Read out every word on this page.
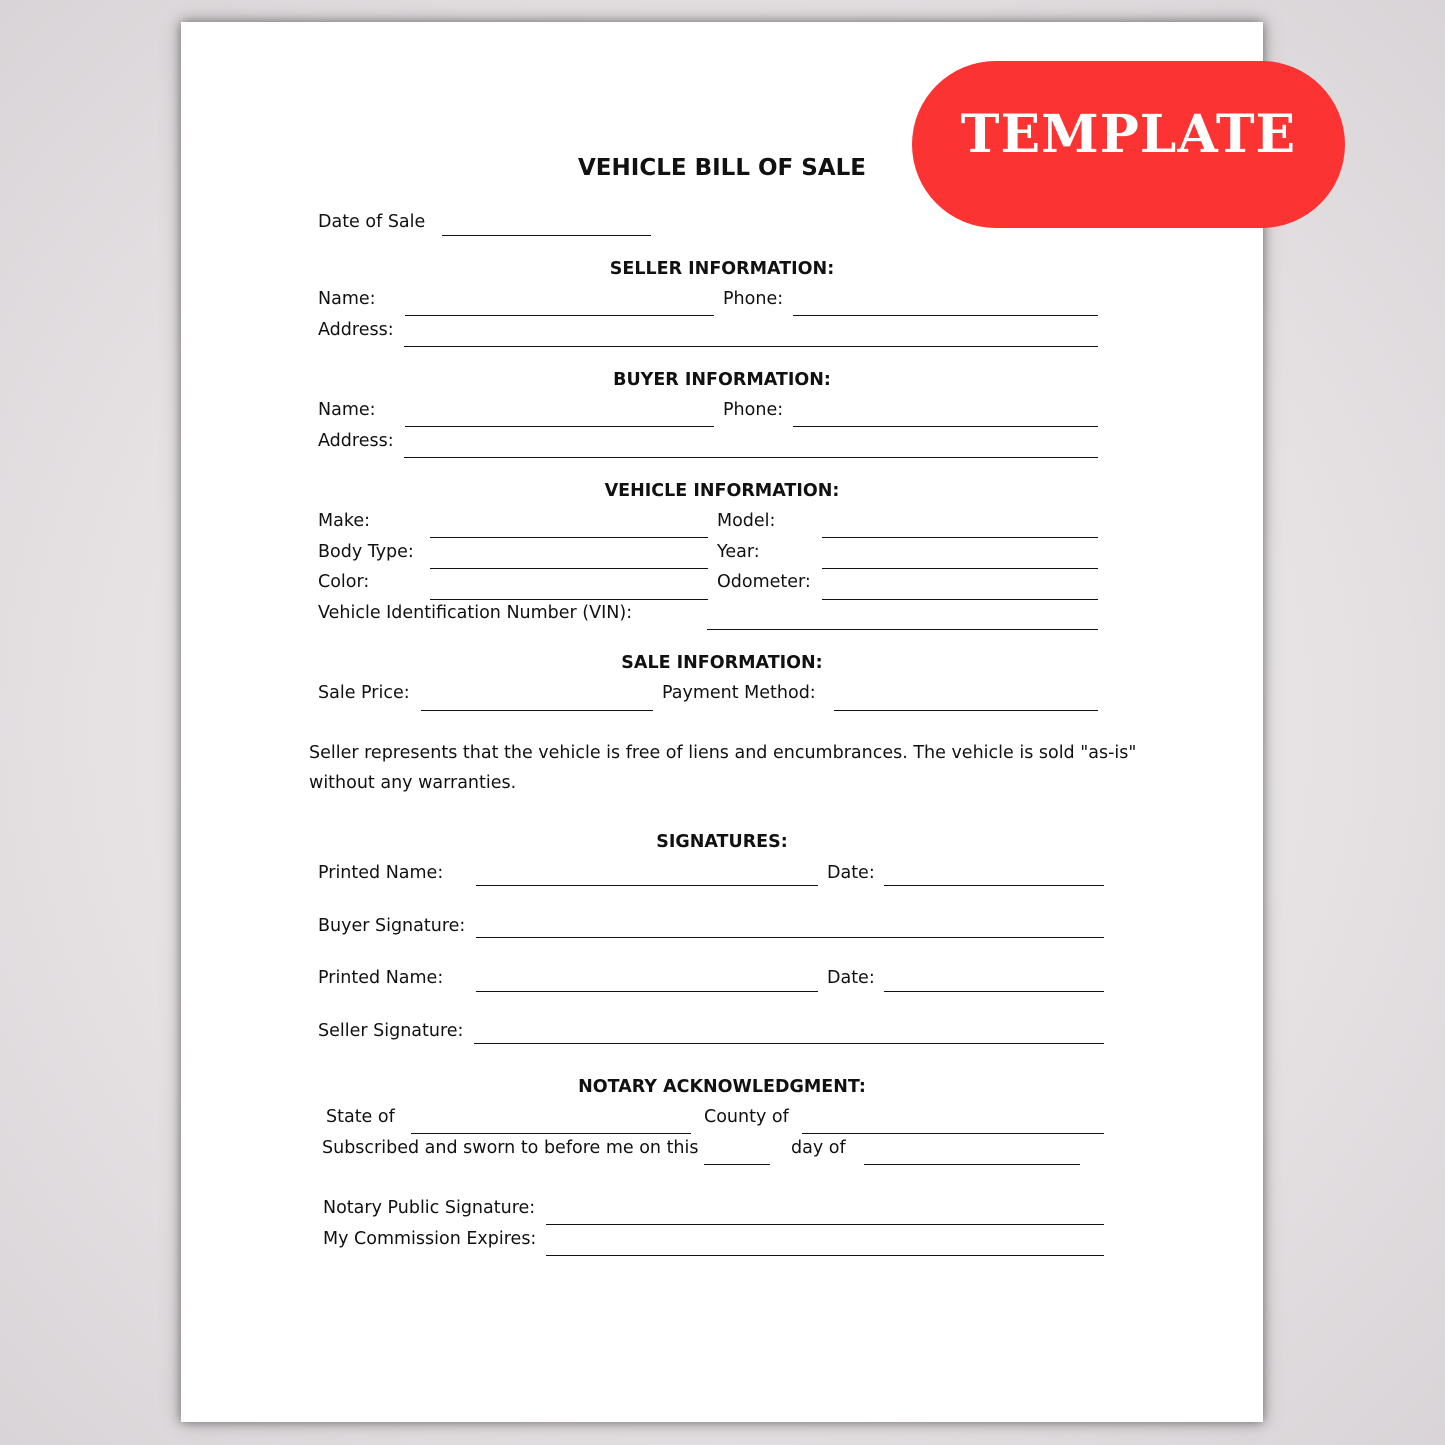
TEMPLATE
VEHICLE BILL OF SALE
Date of Sale
SELLER INFORMATION:
Name:	Phone:
Address:
BUYER INFORMATION:
Name:	Phone:
Address:
VEHICLE INFORMATION:
Make:	Model:
Body Type:	Year:
Color:	Odometer:
Vehicle Identification Number (VIN):
SALE INFORMATION:
Sale Price:	Payment Method:
Seller represents that the vehicle is free of liens and encumbrances. The vehicle is sold "as-is"
without any warranties.
SIGNATURES:
Printed Name:	Date:
Buyer Signature:
Printed Name:	Date:
Seller Signature:
NOTARY ACKNOWLEDGMENT:
State of	County of
Subscribed and sworn to before me on this	day of
Notary Public Signature:
My Commission Expires:
